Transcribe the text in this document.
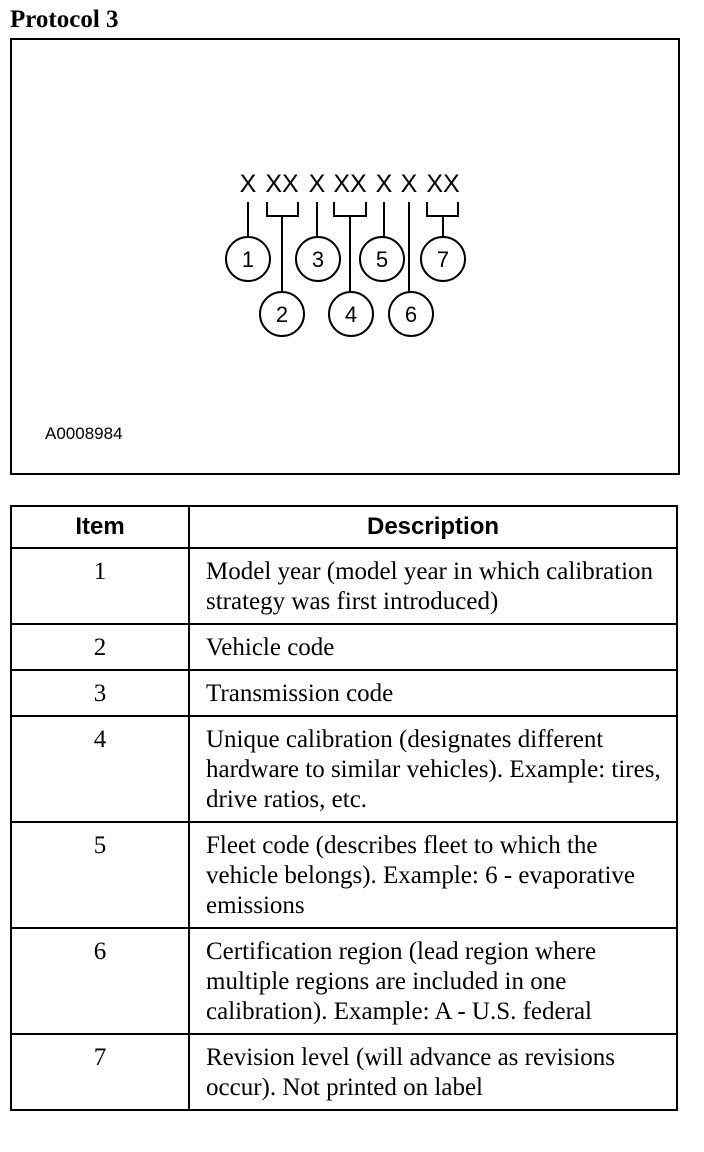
Protocol 3
X XX X XX X X XX
1
2
3
4
5
6
7
A0008984
Item	Description
1	Model year (model year in which calibration strategy was first introduced)
2	Vehicle code
3	Transmission code
4	Unique calibration (designates different hardware to similar vehicles). Example: tires, drive ratios, etc.
5	Fleet code (describes fleet to which the vehicle belongs). Example: 6 - evaporative emissions
6	Certification region (lead region where multiple regions are included in one calibration). Example: A - U.S. federal
7	Revision level (will advance as revisions occur). Not printed on label
